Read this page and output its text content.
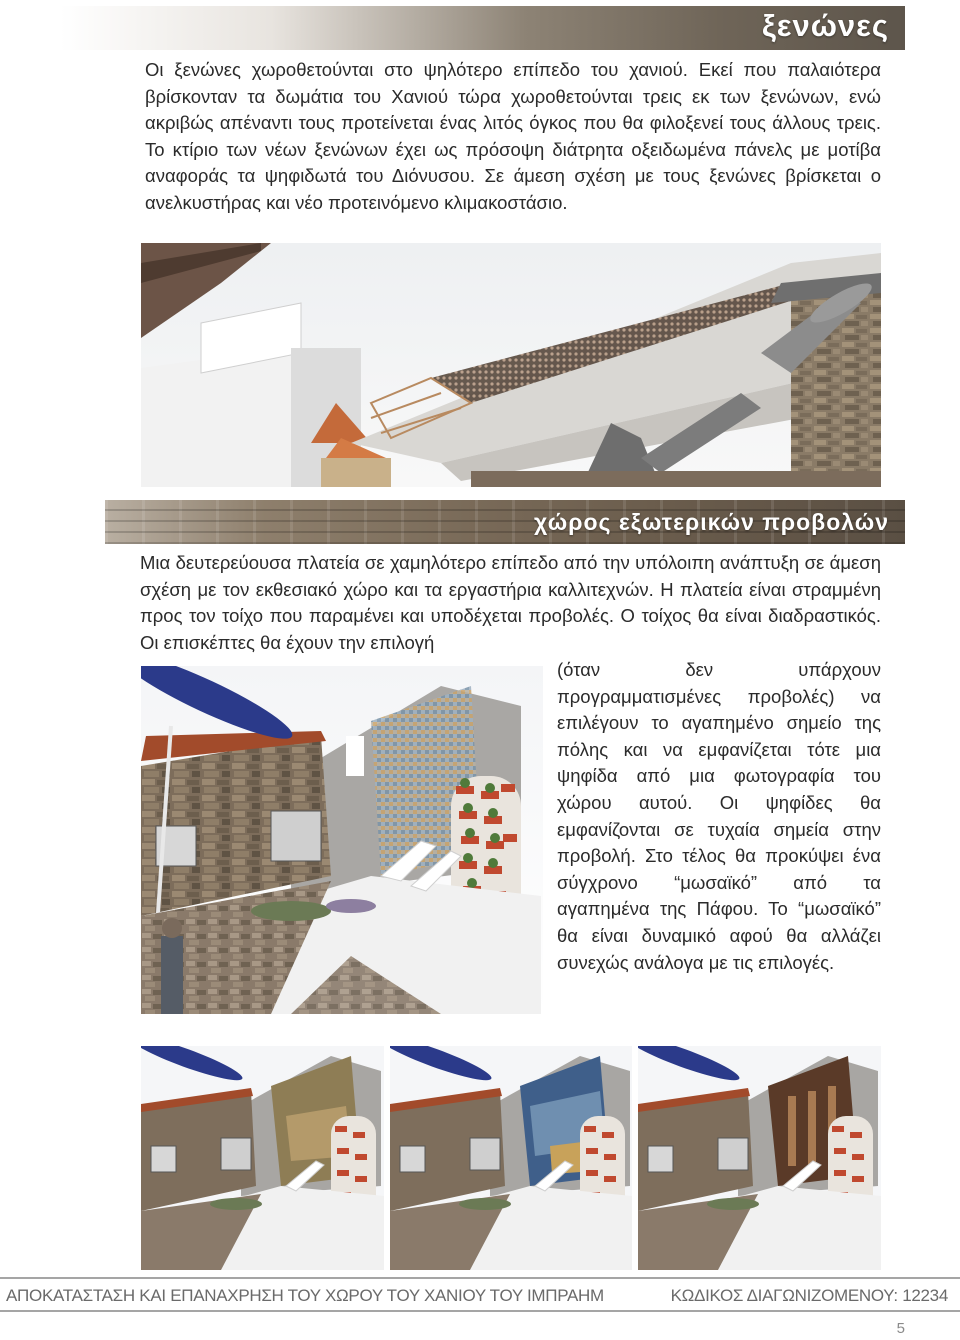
ξενώνες

Οι ξενώνες χωροθετούνται στο ψηλότερο επίπεδο του χανιού. Εκεί που παλαιότερα βρίσκονταν τα δωμάτια του Χανιού τώρα χωροθετούνται τρεις εκ των ξενώνων, ενώ ακριβώς απέναντι τους προτείνεται ένας λιτός όγκος που θα φιλοξενεί τους άλλους τρεις. Το κτίριο των νέων ξενώνων έχει ως πρόσοψη διάτρητα οξειδωμένα πάνελς με μοτίβα αναφοράς τα ψηφιδωτά του Διόνυσου. Σε άμεση σχέση με τους ξενώνες βρίσκεται ο ανελκυστήρας και νέο προτεινόμενο κλιμακοστάσιο.

χώρος εξωτερικών προβολών

Μια δευτερεύουσα πλατεία σε χαμηλότερο επίπεδο από την υπόλοιπη ανάπτυξη σε άμεση σχέση με τον εκθεσιακό χώρο και τα εργαστήρια καλλιτεχνών. Η πλατεία είναι στραμμένη προς τον τοίχο που παραμένει και υποδέχεται προβολές. Ο τοίχος θα είναι διαδραστικός. Οι επισκέπτες θα έχουν την επιλογή

(όταν δεν υπάρχουν προγραμματισμένες προβολές) να επιλέγουν το αγαπημένο σημείο της πόλης και να εμφανίζεται τότε μια ψηφίδα από μια φωτογραφία του χώρου αυτού. Οι ψηφίδες θα εμφανίζονται σε τυχαία σημεία στην προβολή. Στο τέλος θα προκύψει ένα σύγχρονο “μωσαϊκό” από τα αγαπημένα της Πάφου. Το “μωσαϊκό” θα είναι δυναμικό αφού θα αλλάζει συνεχώς ανάλογα με τις επιλογές.

ΑΠΟΚΑΤΑΣΤΑΣΗ ΚΑΙ ΕΠΑΝΑΧΡΗΣΗ ΤΟΥ ΧΩΡΟΥ ΤΟΥ ΧΑΝΙΟΥ ΤΟΥ ΙΜΠΡΑΗΜ	ΚΩΔΙΚΟΣ ΔΙΑΓΩΝΙΖΟΜΕΝΟΥ: 12234
5
